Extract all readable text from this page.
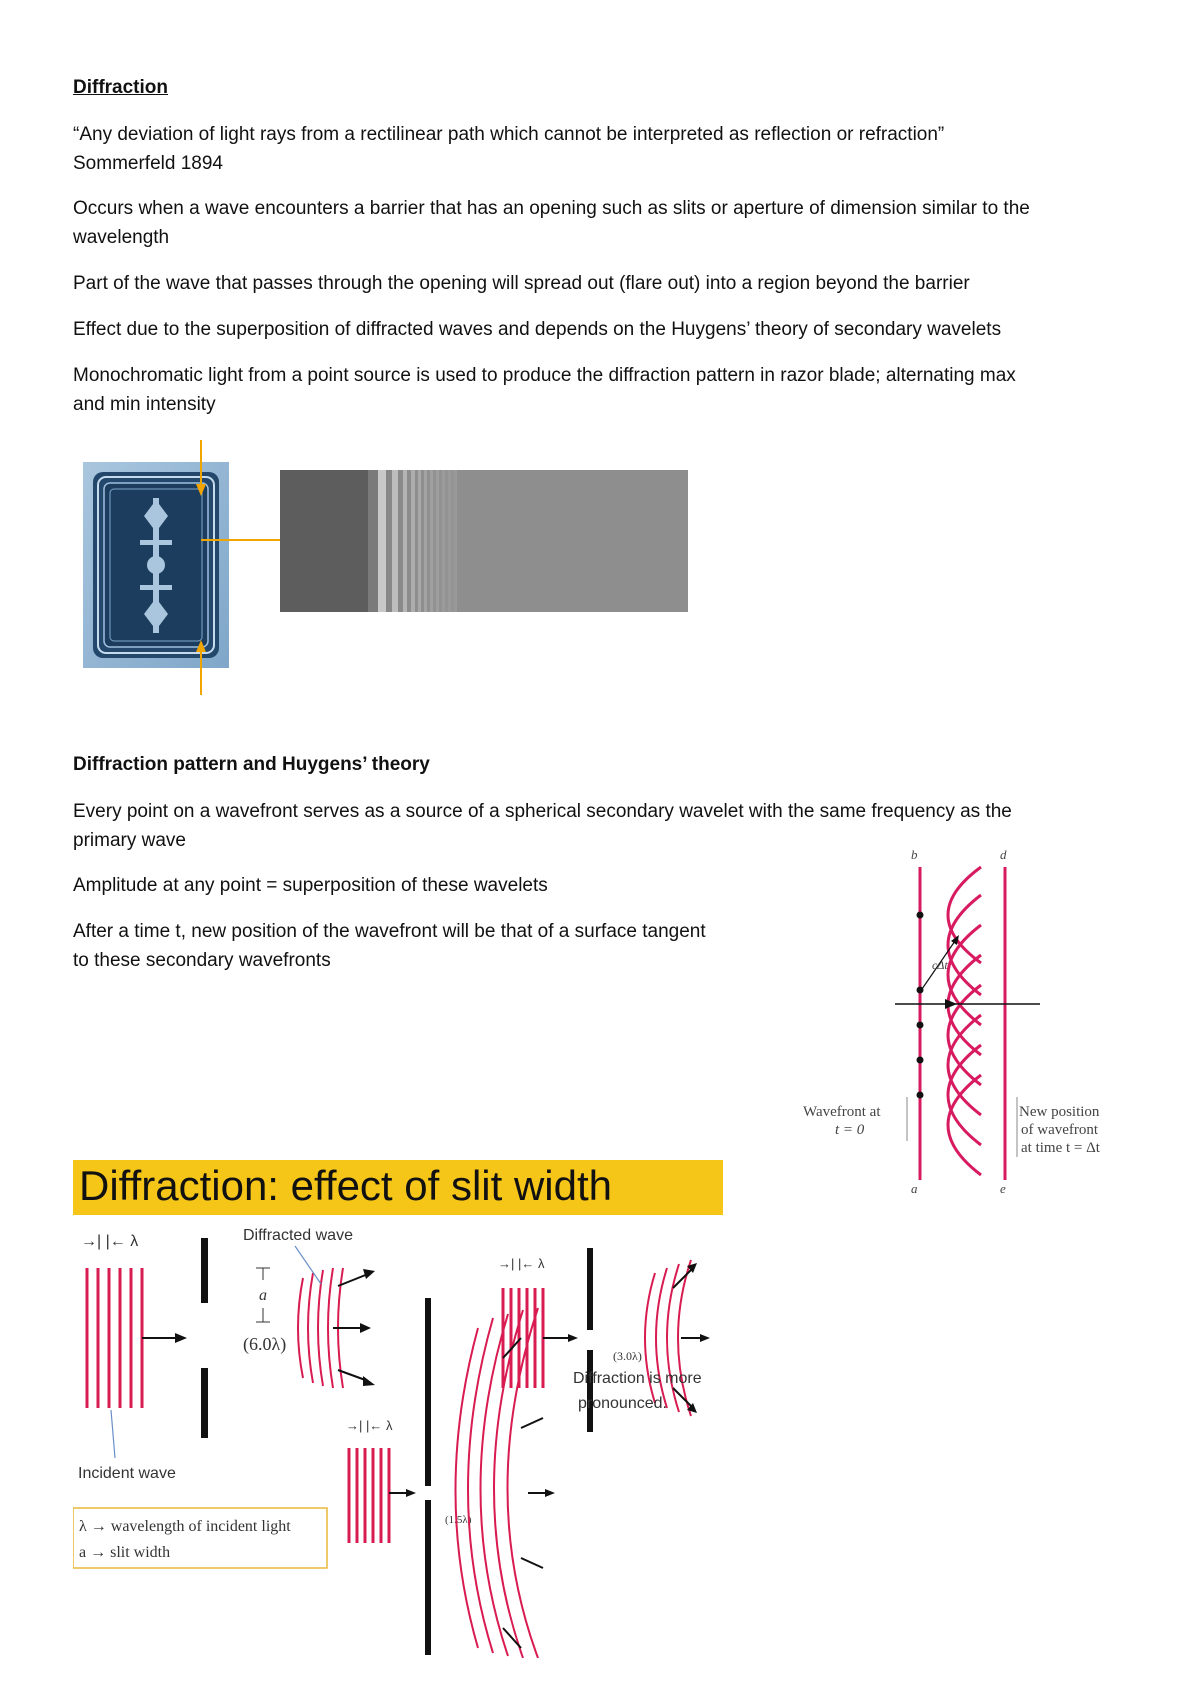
Diffraction

“Any deviation of light rays from a rectilinear path which cannot be interpreted as reflection or refraction”

Sommerfeld 1894

Occurs when a wave encounters a barrier that has an opening such as slits or aperture of dimension similar to the

wavelength

Part of the wave that passes through the opening will spread out (flare out) into a region beyond the barrier

Effect due to the superposition of diffracted waves and depends on the Huygens’ theory of secondary wavelets

Monochromatic light from a point source is used to produce the diffraction pattern in razor blade; alternating max

and min intensity

Diffraction pattern and Huygens’ theory

Every point on a wavefront serves as a source of a spherical secondary wavelet with the same frequency as the

primary wave

Amplitude at any point = superposition of these wavelets

After a time t, new position of the wavefront will be that of a surface tangent

to these secondary wavefronts

b	d
a	e
cΔt
Wavefront at
t = 0
New position
of wavefront
at time t = Δt
Diffraction: effect of slit width
→| |← λ
a
(6.0λ)
Diffracted wave
Incident wave
→| |← λ
(3.0λ)
→| |← λ
(1.5λ)
Diffraction is more
pronounced.
λ → wavelength of incident light
a → slit width
